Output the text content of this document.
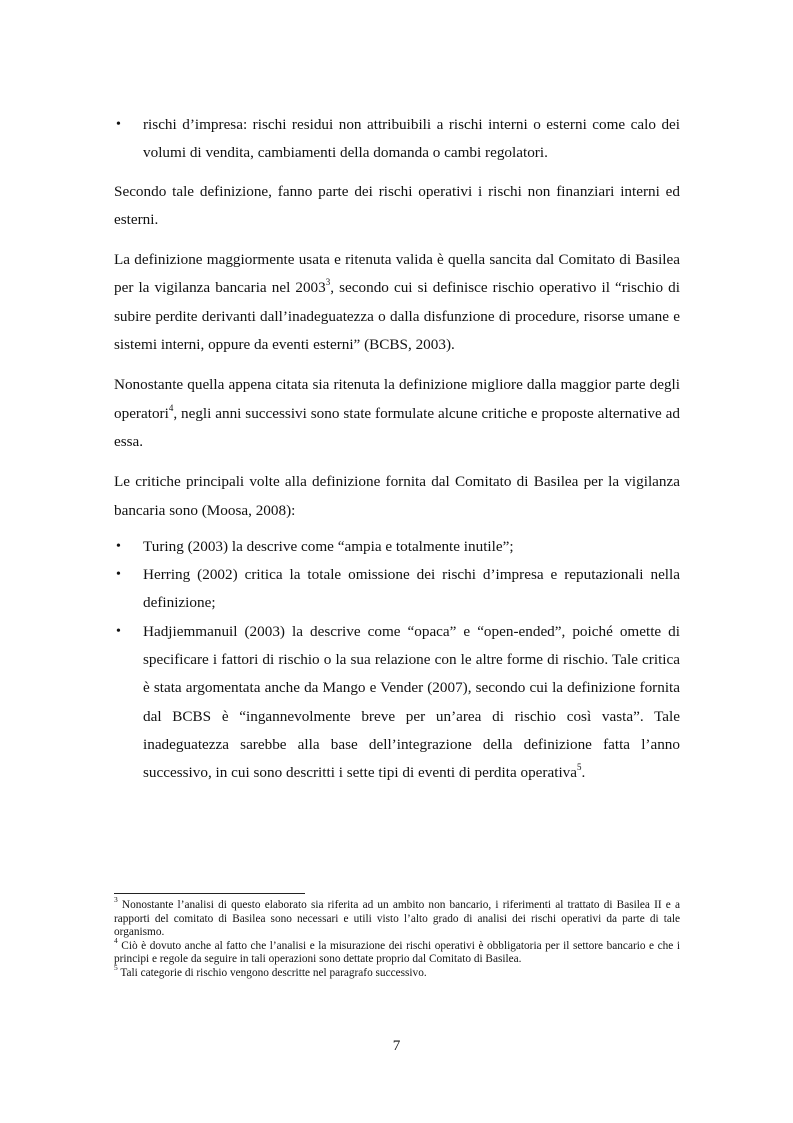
• rischi d’impresa: rischi residui non attribuibili a rischi interni o esterni come calo dei volumi di vendita, cambiamenti della domanda o cambi regolatori.

Secondo tale definizione, fanno parte dei rischi operativi i rischi non finanziari interni ed esterni.

La definizione maggiormente usata e ritenuta valida è quella sancita dal Comitato di Basilea per la vigilanza bancaria nel 2003$^3$, secondo cui si definisce rischio operativo il “rischio di subire perdite derivanti dall’inadeguatezza o dalla disfunzione di procedure, risorse umane e sistemi interni, oppure da eventi esterni” (BCBS, 2003).

Nonostante quella appena citata sia ritenuta la definizione migliore dalla maggior parte degli operatori$^4$, negli anni successivi sono state formulate alcune critiche e proposte alternative ad essa.

Le critiche principali volte alla definizione fornita dal Comitato di Basilea per la vigilanza bancaria sono (Moosa, 2008):

• Turing (2003) la descrive come “ampia e totalmente inutile”;
• Herring (2002) critica la totale omissione dei rischi d’impresa e reputazionali nella definizione;
• Hadjiemmanuil (2003) la descrive come “opaca” e “open-ended”, poiché omette di specificare i fattori di rischio o la sua relazione con le altre forme di rischio. Tale critica è stata argomentata anche da Mango e Vender (2007), secondo cui la definizione fornita dal BCBS è “ingannevolmente breve per un’area di rischio così vasta”. Tale inadeguatezza sarebbe alla base dell’integrazione della definizione fatta l’anno successivo, in cui sono descritti i sette tipi di eventi di perdita operativa$^5$.

$^3$ Nonostante l’analisi di questo elaborato sia riferita ad un ambito non bancario, i riferimenti al trattato di Basilea II e a rapporti del comitato di Basilea sono necessari e utili visto l’alto grado di analisi dei rischi operativi da parte di tale organismo.

$^4$ Ciò è dovuto anche al fatto che l’analisi e la misurazione dei rischi operativi è obbligatoria per il settore bancario e che i principi e regole da seguire in tali operazioni sono dettate proprio dal Comitato di Basilea.

$^5$ Tali categorie di rischio vengono descritte nel paragrafo successivo.

7
